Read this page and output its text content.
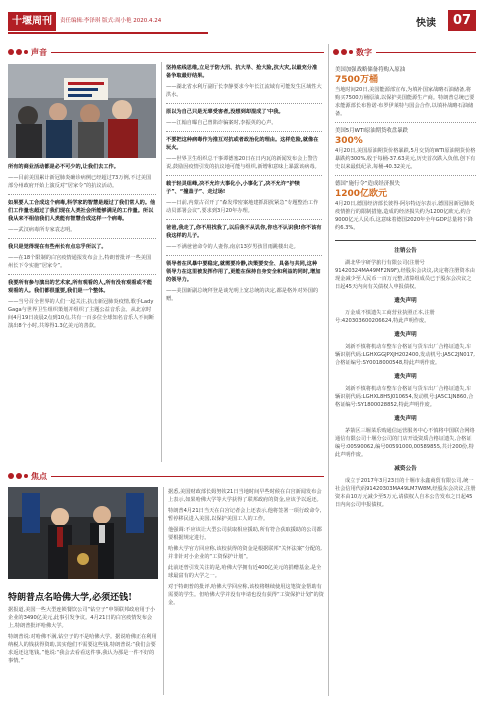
十堰周刊	责任编辑:李泽琪 版式:周小艳 2020.4.24	快读	07
声音	数字

所有的商业活动都是必不可少的,让我们去工作。

——目前美国累计新冠肺炎确诊病例已经超过73万例,不过美国部分州政府开始上演反对“居家令”的抗议活动。

如果要人工合成这个病毒,科学家的智慧是超过了我们常人的。他们工作量也超过了我们现在人类社会所能够满足的工作量。所以我从来不相信我们人类能有智慧合成这样一个病毒。

——武汉病毒所专家袁志明。

我只是觉得现在有些州长有点忘乎所以了。

——在18个限制的白宫疫情通报发布会上,特朗普批评一些美国州长下令实施“居家令”。

我要所有参与演出的艺术家,所有观看的人,所有没有观看或不能观看的人。我们都很重要,我们是一个整体。

——当号召全世界的人们一起关注,抗击新冠肺炎疫情,歌手Lady Gaga与世界卫生组织策划并组织了主题公益音乐会。从北京时间4月19日凌晨2点到10点,共有一百多位全球知名音乐人不间断演出8个小时,共筹得1.3亿美元的善款。

坚持底线思维,立足于防大汛、抗大旱、抢大险,抗大灾,以最充分准备争取最好结果。

——湖北省水利厅副厅长李静要求今年长江流域有可能发生区域性大洪水。

原以为自己只是无辜受害者,没想到却混成了'中我。

——江翰自曝自己曾陷诈骗案时,李振英的心声。

不要把这种病毒作为推互对抗或者政治化的理由。这样危险,就像在玩火。

——世界卫生组织总干事谭德塞20日在日内瓦的新闻发布会上警告说,鼓励因疫情引发的抗议地可能与组织,新增和意味上暴露该病毒。

载于轻灵组峰,决不允许大事化小,小事化了,决不允许“护犊子”、“撞盖子”、走过场!

——日前,内蒙古召开了“森发带密案地建抓阳扰紧急”专题整治工作动员部署会议”,要求到3月20年办理。

爸爸,我走了,你不用找我了,以后我不从讥你,你也不认识我!你不该有我这样的儿子。

——不满爸爸命令的人妻你,南京13岁男孩冒雨跳楼出走。

领导者在风暴中要稳定,就需要冷静,决策要安全、具备与共同,这种领导力在这里被发挥作用了,更能在保持自身安全和利益的同时,增加的领导力。

——美国新副总统拜登是谈光明上宽总统的决定,都是格外对外国的赠。

美国加强战略储备将购入原油
7500万桶
当地时间20日,美国能源部宣布,为填补国家战略石油储备,将购买7500万桶原油,以保护美国能源生产商。特朗普总统已要求能源部长布鲁诺·布罗伊莱特与国会合作,以填补战略石油储备。
美国5月WTI原油期货收盘暴跌
300%
4月20日,美国原油期货价格暴跌,5月交货的WTI原油期货价格暴跌约300%,收于每桶-37.63美元,历史首次跌入负值,创下有史以来最低纪录,每桶-40.32美元。
德国“施行令”造成经济损失
1200亿欧元
4月20日,德国经济部长彼得·阿尔特迈尔表示,德国因新冠肺炎疫情推行的限制措施,造成的经济损失约为1200亿欧元,约合9000亿元人民币,这意味着德国2020年全年GDP总量将下降约6.3%。
注销公告
湖北华宇研学旅行有限公司(注册号91420324MA49MF2N9F),经股东会决议,决定将注册资本由现金减少至人民币一百万元整,清算组成员已于股东会决议之日起45天内向有关债权人申报债权。
遗失声明
万金成不慎遗失工商营业执照正本,注册号:420303600206624,特此声明作废。
遗失声明
刘新不慎将机动车整车合格证与货车出厂合格证遗失,车辆识别代码:LGHXGGJPXJH202400,发动机号:JA5C2JN017,合格证编号:SY0018000548,特此声明作废。
遗失声明
刘新不慎将机动车整车合格证与货车出厂合格证遗失,车辆识别代码:LGHXL8H5J010654,发动机号:JA5C1JN860,合格证编号:SY1800028852,特此声明作废。
遗失声明
茅箭区三堰菜乐购通信运营服务中心不慎将中国联合网络通信有限公司十堰分公司的门店开设资质合格证遗失,合格证编号:00590062,编号00591000,00589855,共计200份,特此声明作废。
减资公告
成立于2017年3月23日的十堰市永鑫商贸有限公司,统一社会信用代码91420303MA49LM7W8M,经股东会决议,注册资本由10万元减少至5万元,请债权人自本公告发布之日起45日内向公司申报债权。
焦点
特朗普点名哈佛大学,必须还钱!

据报道,美国一些大型连锁餐饮公司“钻空子”申领联邦政府用于小企业的3490亿美元,此事引发争议。4月21日的白宫疫情发布会上,特朗普批评哈佛大学。

特朗普说:对哈佛不满,钻空子的不是哈佛大学。据说哈佛正在利用纳税人的钱获得资助,其实他们不需要这些钱,特朗普说:“我们会要求返还这笔钱。”他说:“我会去看看这件事,我认为那是一件不好的事情。”

据悉,美国财政部长姆努钦21日当地时间早些时候在白宫新闻发布会上表示,如果哈佛大学等大学获得了联邦政府的资金,应该予以返还。

特朗普4月21日当天在白宫记者会上还表示,他将签署一项行政命令,暂停移民进入美国,以保护美国工人的工作。

他强调:不应该让大型公司获取相应援助,所有符合获取援助的公司都要根据规定进行。

哈佛大学官方回应称,该校获得的资金是根据联邦“关怀法案”分配的,并非针对小企业的“工资保护计划”。

此前还曾引发关注的是,哈佛大学拥有近400亿美元的捐赠基金,是全球最富有的大学之一。

对于特朗普的批评,哈佛大学回应称,该校将继续使用这笔资金帮助有需要的学生。但哈佛大学并没有申请也没有获得“工资保护计划”的资金。
